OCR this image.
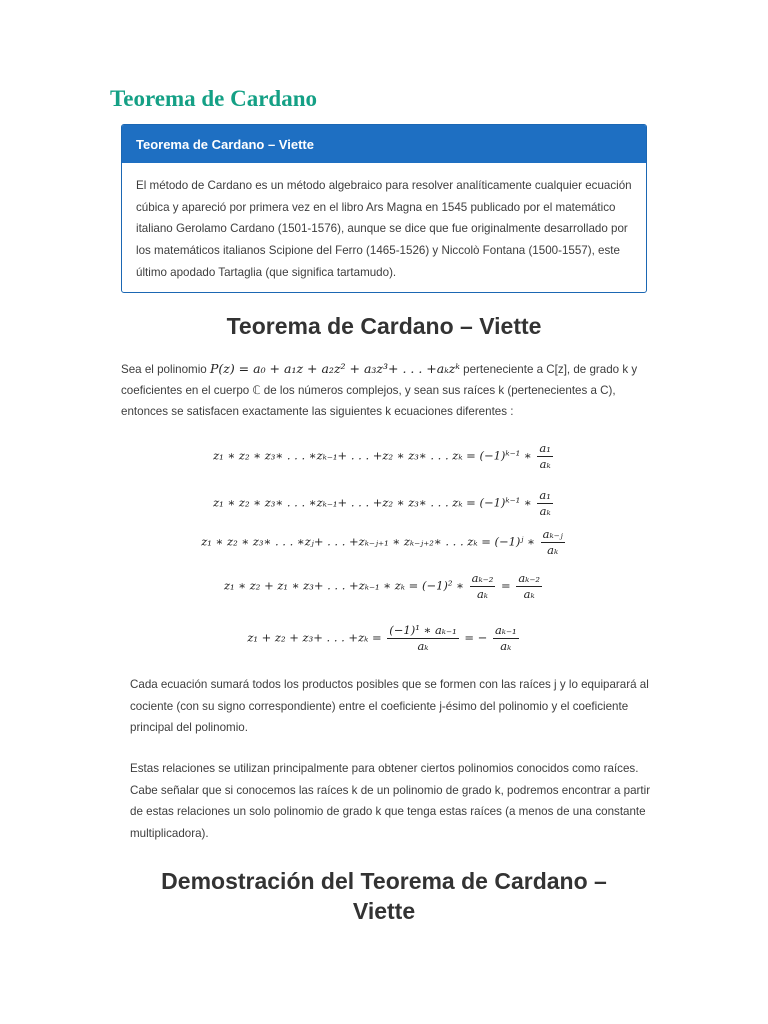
Teorema de Cardano
Teorema de Cardano – Viette
El método de Cardano es un método algebraico para resolver analíticamente cualquier ecuación cúbica y apareció por primera vez en el libro Ars Magna en 1545 publicado por el matemático italiano Gerolamo Cardano (1501-1576), aunque se dice que fue originalmente desarrollado por los matemáticos italianos Scipione del Ferro (1465-1526) y Niccolò Fontana (1500-1557), este último apodado Tartaglia (que significa tartamudo).
Teorema de Cardano – Viette
Sea el polinomio P(z) = a₀ + a₁z + a₂z² + a₃z³+ . . . +aₖzᵏ perteneciente a C[z], de grado k y coeficientes en el cuerpo ℂ de los números complejos, y sean sus raíces k (pertenecientes a C), entonces se satisfacen exactamente las siguientes k ecuaciones diferentes :
z₁ ∗ z₂ ∗ z₃∗ . . . ∗zₖ₋₁+ . . . +z₂ ∗ z₃∗ . . . zₖ = (−1)ᵏ⁻¹ ∗ $\frac{\text{a₁}}{\text{aₖ}}$
z₁ ∗ z₂ ∗ z₃∗ . . . ∗zₖ₋₁+ . . . +z₂ ∗ z₃∗ . . . zₖ = (−1)ᵏ⁻¹ ∗ $\frac{\text{a₁}}{\text{aₖ}}$
z₁ ∗ z₂ ∗ z₃∗ . . . ∗zⱼ+ . . . +zₖ₋ⱼ₊₁ ∗ zₖ₋ⱼ₊₂∗ . . . zₖ = (−1)ʲ ∗ $\frac{\text{aₖ₋ⱼ}}{\text{aₖ}}$
z₁ ∗ z₂ + z₁ ∗ z₃+ . . . +zₖ₋₁ ∗ zₖ = (−1)² ∗ $\frac{\text{aₖ₋₂}}{\text{aₖ}} = \frac{\text{aₖ₋₂}}{\text{aₖ}}$
z₁ + z₂ + z₃+ . . . $+z_k = \frac{\text{(−1)¹ ∗ aₖ₋₁}}{\text{aₖ}}$ = − $\frac{\text{aₖ₋₁}}{\text{aₖ}}$

Cada ecuación sumará todos los productos posibles que se formen con las raíces j y lo equiparará al cociente (con su signo correspondiente) entre el coeficiente j-ésimo del polinomio y el coeficiente principal del polinomio.

Estas relaciones se utilizan principalmente para obtener ciertos polinomios conocidos como raíces. Cabe señalar que si conocemos las raíces k de un polinomio de grado k, podremos encontrar a partir de estas relaciones un solo polinomio de grado k que tenga estas raíces (a menos de una constante multiplicadora).

Demostración del Teorema de Cardano –
Viette
